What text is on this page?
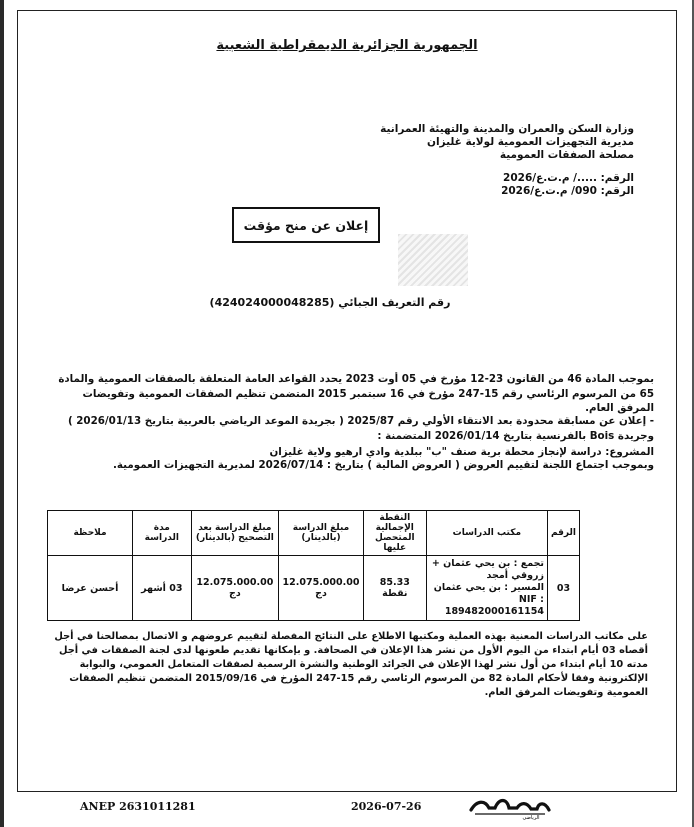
الجمهورية الجزائرية الديمقراطية الشعبية
وزارة السكن والعمران والمدينة والتهيئة العمرانية
مديرية التجهيزات العمومية لولاية غليزان
مصلحة الصفقات العمومية
الرقم: ...../ م.ت.ع/2026
الرقم: 090/ م.ت.ع/2026
إعلان عن منح مؤقت
رقم التعريف الجبائي (424024000048285)
بموجب المادة 46 من القانون 23-12 مؤرخ في 05 أوت 2023 يحدد القواعد العامة المتعلقة بالصفقات العمومية والمادة 65 من المرسوم الرئاسي رقم 15-247 مؤرخ في 16 سبتمبر 2015 المتضمن تنظيم الصفقات العمومية وتفويضات المرفق العام.
- إعلان عن مسابقة محدودة بعد الانتقاء الأولي رقم 2025/87 ( بجريدة الموعد الرياضي بالعربية بتاريخ 2026/01/13 ) وجريدة Bois بالفرنسية بتاريخ 2026/01/14 المتضمنة :
المشروع: دراسة لإنجاز محطة برية صنف "ب" ببلدية وادي ارهيو ولاية غليزان
وبموجب اجتماع اللجنة لتقييم العروض ( العروض المالية ) بتاريخ : 2026/07/14 لمديرية التجهيزات العمومية.
الرقم	مكتب الدراسات	النقطة الإجمالية المتحصل عليها	مبلغ الدراسة (بالدينار)	مبلغ الدراسة بعد التصحيح (بالدينار)	مدة الدراسة	ملاحظة
03	تجمع : بن يحي عثمان + زروقي أمجد
المسير : بن يحي عثمان
NIF : 189482000161154	85.33 نقطة	12.075.000.00 دج	12.075.000.00 دج	03 أشهر	أحسن عرضا
على مكاتب الدراسات المعنية بهذه العملية ومكتبها الاطلاع على النتائج المفصلة لتقييم عروضهم و الاتصال بمصالحنا في أجل أقصاه 03 أيام ابتداء من اليوم الأول من نشر هذا الإعلان في الصحافة. و بإمكانها تقديم طعونها لدى لجنة الصفقات في أجل مدته 10 أيام ابتداء من أول نشر لهذا الإعلان في الجرائد الوطنية والنشرة الرسمية لصفقات المتعامل العمومي، والبوابة الإلكترونية وفقا لأحكام المادة 82 من المرسوم الرئاسي رقم 15-247 المؤرخ في 2015/09/16 المتضمن تنظيم الصفقات العمومية وتفويضات المرفق العام.
ANEP 2631011281	2026-07-26
الرياضي
